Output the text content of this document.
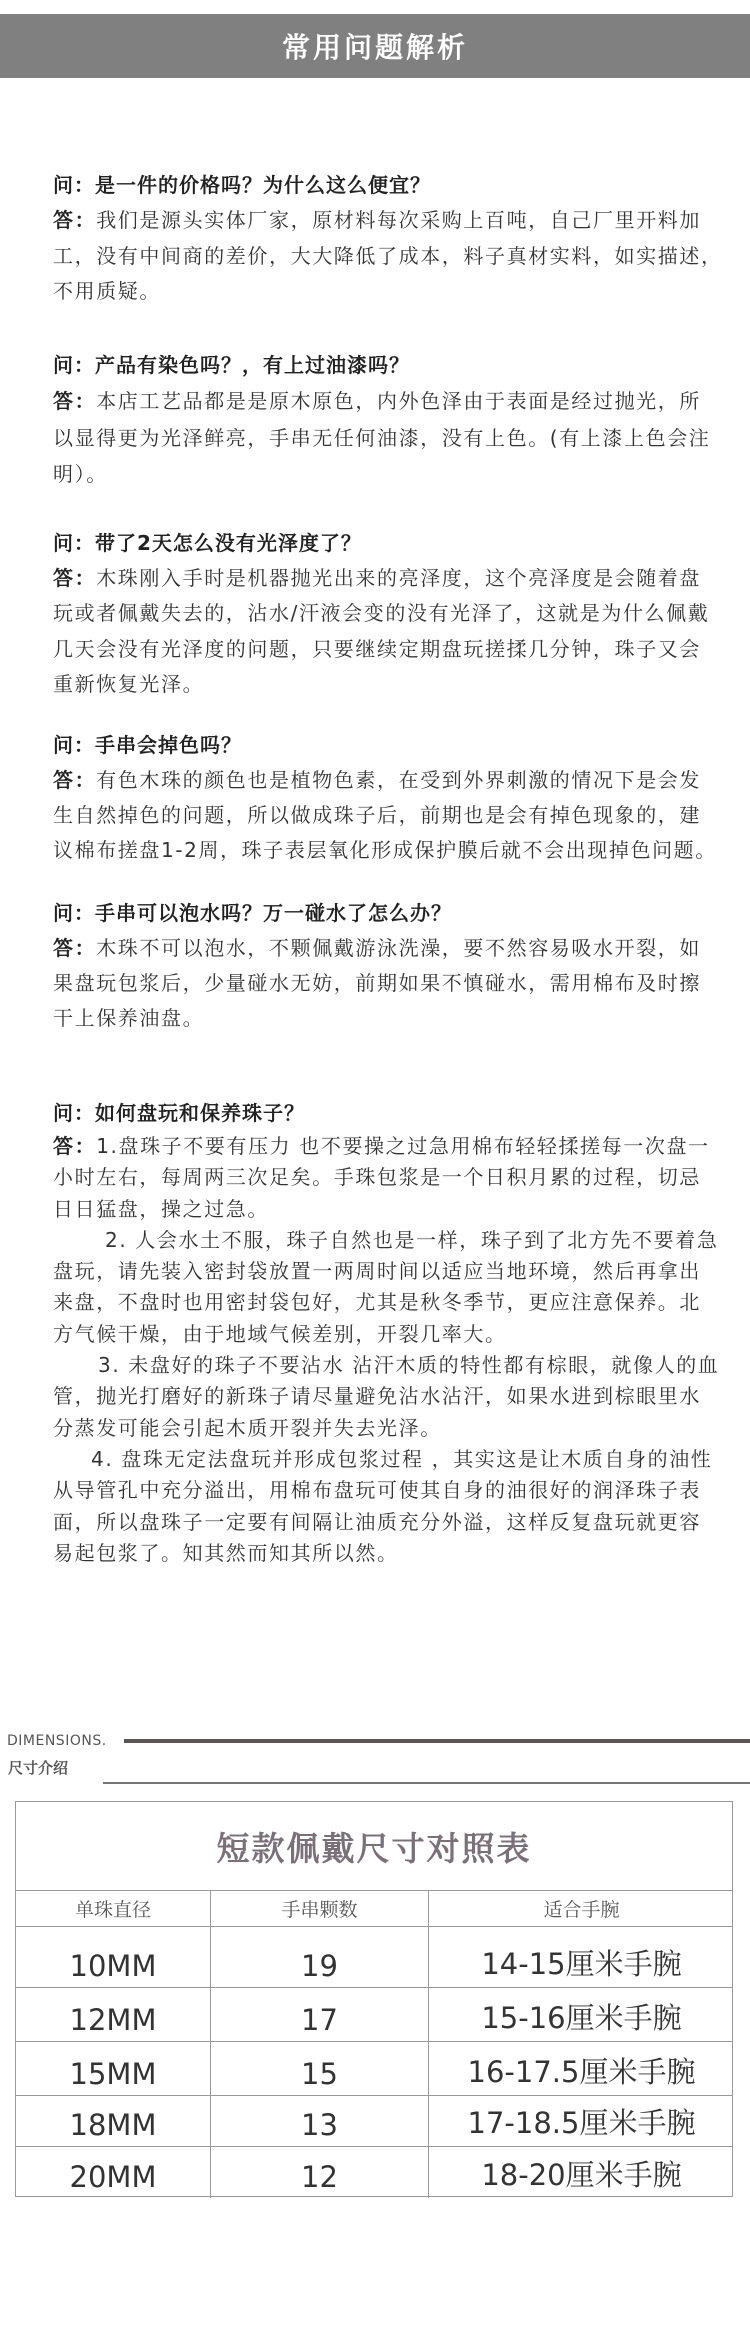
常用问题解析
问：是一件的价格吗？为什么这么便宜？
答：我们是源头实体厂家，原材料每次采购上百吨，自己厂里开料加
工，没有中间商的差价，大大降低了成本，料子真材实料，如实描述，
不用质疑。
问：产品有染色吗？，有上过油漆吗？
答：本店工艺品都是是原木原色，内外色泽由于表面是经过抛光，所
以显得更为光泽鲜亮，手串无任何油漆，没有上色。(有上漆上色会注
明）。
问：带了2天怎么没有光泽度了？
答：木珠刚入手时是机器抛光出来的亮泽度，这个亮泽度是会随着盘
玩或者佩戴失去的，沾水/汗液会变的没有光泽了，这就是为什么佩戴
几天会没有光泽度的问题，只要继续定期盘玩搓揉几分钟，珠子又会
重新恢复光泽。
问：手串会掉色吗？
答：有色木珠的颜色也是植物色素，在受到外界刺激的情况下是会发
生自然掉色的问题，所以做成珠子后，前期也是会有掉色现象的，建
议棉布搓盘1-2周，珠子表层氧化形成保护膜后就不会出现掉色问题。
问：手串可以泡水吗？万一碰水了怎么办？
答：木珠不可以泡水，不颗佩戴游泳洗澡，要不然容易吸水开裂，如
果盘玩包浆后，少量碰水无妨，前期如果不慎碰水，需用棉布及时擦
干上保养油盘。
问：如何盘玩和保养珠子？
答：1.盘珠子不要有压力 也不要操之过急用棉布轻轻揉搓每一次盘一
小时左右，每周两三次足矣。手珠包浆是一个日积月累的过程，切忌
日日猛盘，操之过急。
2. 人会水土不服，珠子自然也是一样，珠子到了北方先不要着急
盘玩，请先装入密封袋放置一两周时间以适应当地环境，然后再拿出
来盘，不盘时也用密封袋包好，尤其是秋冬季节，更应注意保养。北
方气候干燥，由于地域气候差别，开裂几率大。
3. 未盘好的珠子不要沾水 沾汗木质的特性都有棕眼，就像人的血
管，抛光打磨好的新珠子请尽量避免沾水沾汗，如果水进到棕眼里水
分蒸发可能会引起木质开裂并失去光泽。
4. 盘珠无定法盘玩并形成包浆过程 ，其实这是让木质自身的油性
从导管孔中充分溢出，用棉布盘玩可使其自身的油很好的润泽珠子表
面，所以盘珠子一定要有间隔让油质充分外溢，这样反复盘玩就更容
易起包浆了。知其然而知其所以然。
DIMENSIONS.
尺寸介绍
短款佩戴尺寸对照表
单珠直径	手串颗数	适合手腕
10MM	19	14-15厘米手腕
12MM	17	15-16厘米手腕
15MM	15	16-17.5厘米手腕
18MM	13	17-18.5厘米手腕
20MM	12	18-20厘米手腕
